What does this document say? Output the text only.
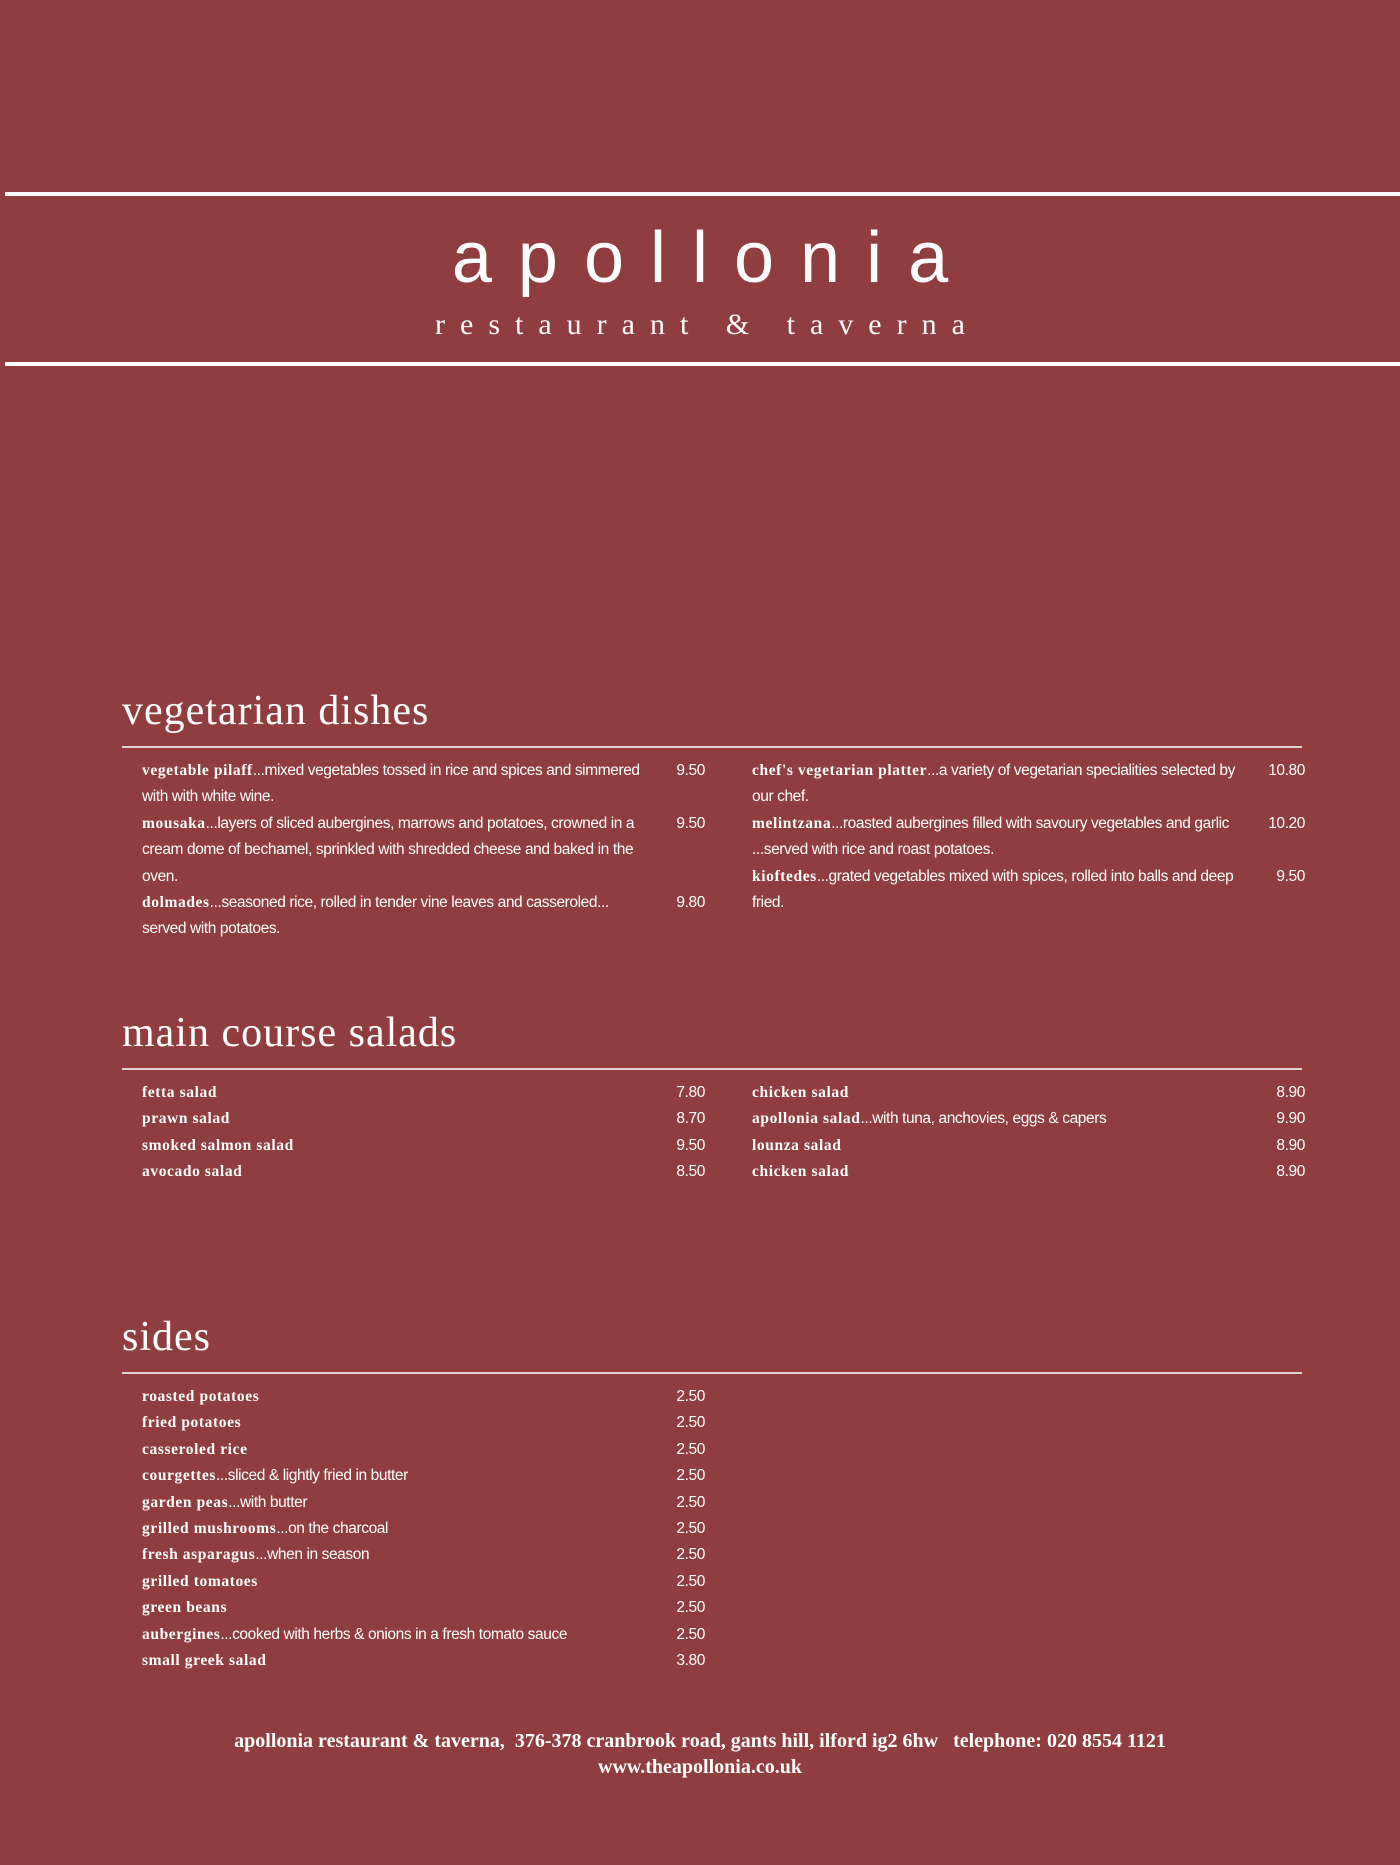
apollonia
restaurant & taverna
vegetarian dishes
vegetable pilaff...mixed vegetables tossed in rice and spices and simmered with with white wine.
9.50
mousaka...layers of sliced aubergines, marrows and potatoes, crowned in a cream dome of bechamel, sprinkled with shredded cheese and baked in the oven.
9.50
dolmades...seasoned rice, rolled in tender vine leaves and casseroled... served with potatoes.
9.80
chef's vegetarian platter...a variety of vegetarian specialities selected by our chef.
10.80
melintzana...roasted aubergines filled with savoury vegetables and garlic ...served with rice and roast potatoes.
10.20
kioftedes...grated vegetables mixed with spices, rolled into balls and deep fried.
9.50
main course salads
fetta salad	7.80
prawn salad	8.70
smoked salmon salad	9.50
avocado salad	8.50
chicken salad	8.90
apollonia salad...with tuna, anchovies, eggs & capers	9.90
lounza salad	8.90
chicken salad	8.90
sides
roasted potatoes	2.50
fried potatoes	2.50
casseroled rice	2.50
courgettes...sliced & lightly fried in butter	2.50
garden peas...with butter	2.50
grilled mushrooms...on the charcoal	2.50
fresh asparagus...when in season	2.50
grilled tomatoes	2.50
green beans	2.50
aubergines...cooked with herbs & onions in a fresh tomato sauce	2.50
small greek salad	3.80
apollonia restaurant & taverna,  376-378 cranbrook road, gants hill, ilford ig2 6hw   telephone: 020 8554 1121
www.theapollonia.co.uk
